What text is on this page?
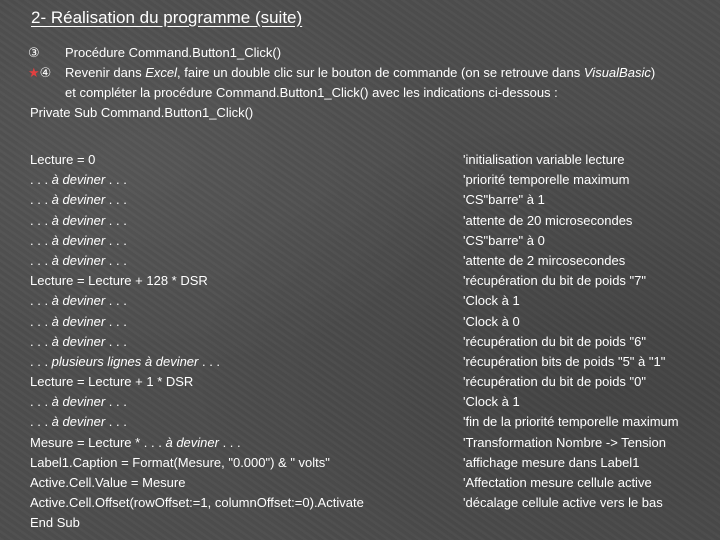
2- Réalisation du programme (suite)
③	Procédure Command.Button1_Click()
★④	Revenir dans Excel, faire un double clic sur le bouton de commande (on se retrouve dans VisualBasic)
et compléter la procédure Command.Button1_Click() avec les indications ci-dessous :
Private Sub Command.Button1_Click()
Lecture = 0
. . . à deviner . . .
. . . à deviner . . .
. . . à deviner . . .
. . . à deviner . . .
. . . à deviner . . .
Lecture = Lecture + 128 * DSR
. . . à deviner . . .
. . . à deviner . . .
. . . à deviner . . .
. . . plusieurs lignes à deviner . . .
Lecture = Lecture + 1 * DSR
. . . à deviner . . .
. . . à deviner . . .
Mesure = Lecture * . . . à deviner . . .
Label1.Caption = Format(Mesure, "0.000") & " volts"
Active.Cell.Value = Mesure
Active.Cell.Offset(rowOffset:=1, columnOffset:=0).Activate
End Sub
'initialisation variable lecture
'priorité temporelle maximum
'CS"barre" à 1
'attente de 20 microsecondes
'CS"barre" à 0
'attente de 2 mircosecondes
'récupération du bit de poids "7"
'Clock à 1
'Clock à 0
'récupération du bit de poids "6"
'récupération bits de poids "5" à "1"
'récupération du bit de poids "0"
'Clock à 1
'fin de la priorité temporelle maximum
'Transformation Nombre -> Tension
'affichage mesure dans Label1
'Affectation mesure cellule active
'décalage cellule active vers le bas
